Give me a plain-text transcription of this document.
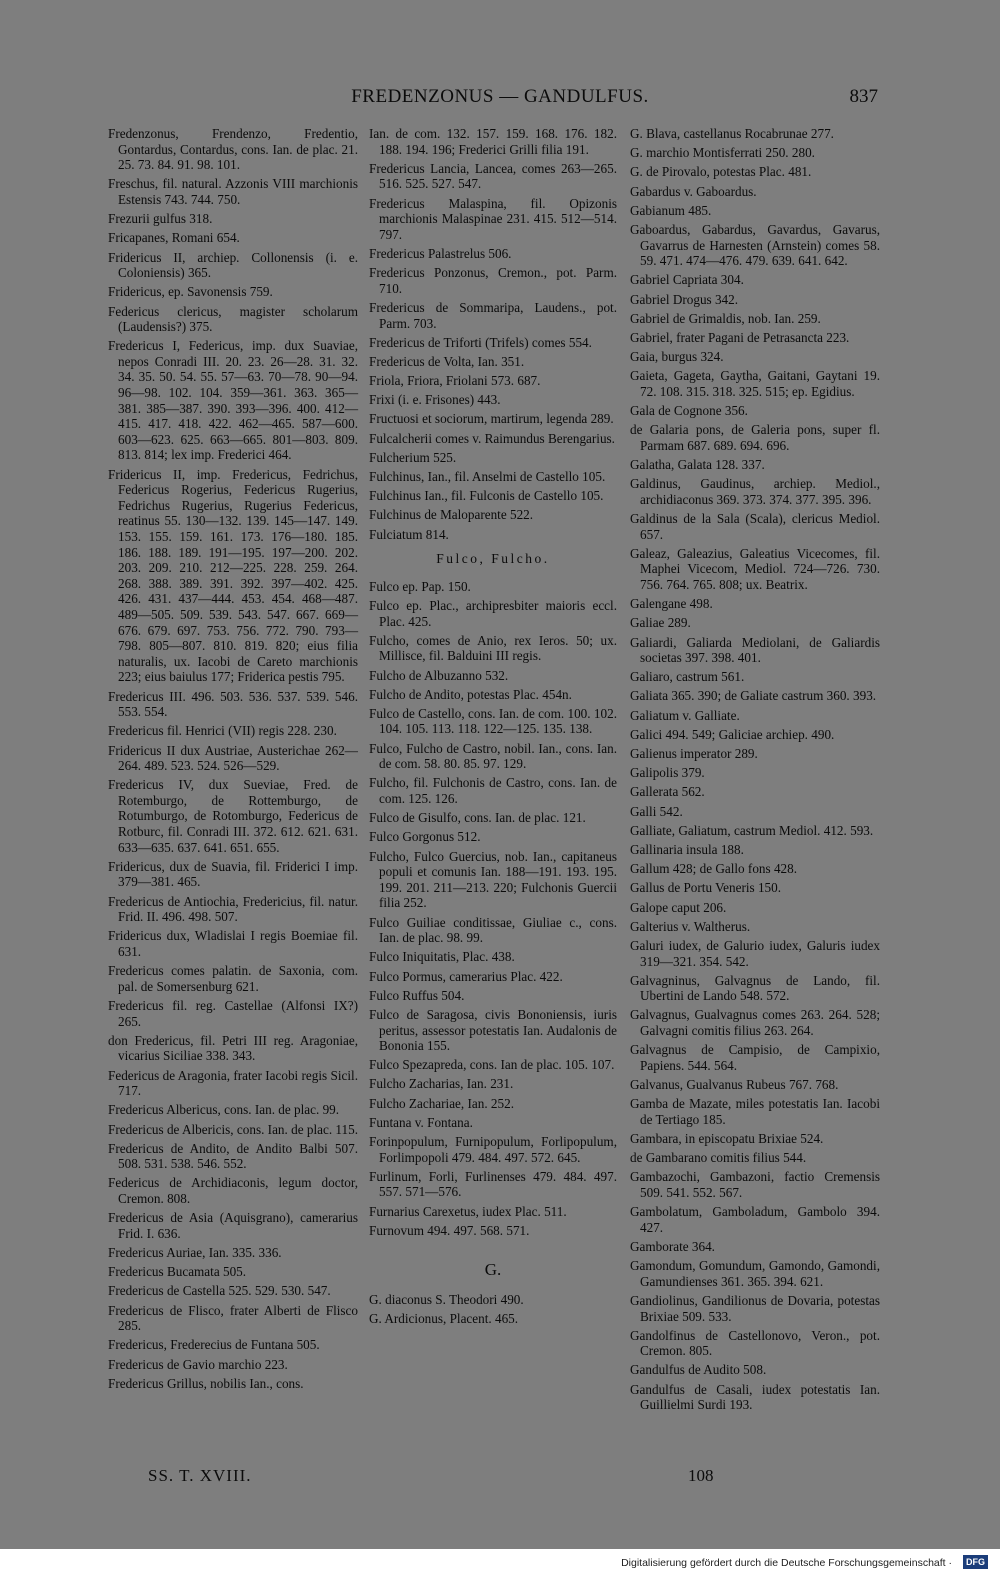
FREDENZONUS — GANDULFUS.	837

Fredenzonus, Frendenzo, Fredentio, Gontardus, Contardus, cons. Ian. de plac. 21. 25. 73. 84. 91. 98. 101.

Freschus, fil. natural. Azzonis VIII marchionis Estensis 743. 744. 750.

Frezurii gulfus 318.

Fricapanes, Romani 654.

Fridericus II, archiep. Collonensis (i. e. Coloniensis) 365.

Fridericus, ep. Savonensis 759.

Federicus clericus, magister scholarum (Laudensis?) 375.

Fredericus I, Federicus, imp. dux Suaviae, nepos Conradi III. 20. 23. 26—28. 31. 32. 34. 35. 50. 54. 55. 57—63. 70—78. 90—94. 96—98. 102. 104. 359—361. 363. 365—381. 385—387. 390. 393—396. 400. 412—415. 417. 418. 422. 462—465. 587—600. 603—623. 625. 663—665. 801—803. 809. 813. 814; lex imp. Frederici 464.

Fridericus II, imp. Fredericus, Fedrichus, Federicus Rogerius, Federicus Rugerius, Fedrichus Rugerius, Rugerius Federicus, reatinus 55. 130—132. 139. 145—147. 149. 153. 155. 159. 161. 173. 176—180. 185. 186. 188. 189. 191—195. 197—200. 202. 203. 209. 210. 212—225. 228. 259. 264. 268. 388. 389. 391. 392. 397—402. 425. 426. 431. 437—444. 453. 454. 468—487. 489—505. 509. 539. 543. 547. 667. 669—676. 679. 697. 753. 756. 772. 790. 793—798. 805—807. 810. 819. 820; eius filia naturalis, ux. Iacobi de Careto marchionis 223; eius baiulus 177; Friderica pestis 795.

Fredericus III. 496. 503. 536. 537. 539. 546. 553. 554.

Fredericus fil. Henrici (VII) regis 228. 230.

Fridericus II dux Austriae, Austerichae 262—264. 489. 523. 524. 526—529.

Fredericus IV, dux Sueviae, Fred. de Rotemburgo, de Rottemburgo, de Rotumburgo, de Rotomburgo, Federicus de Rotburc, fil. Conradi III. 372. 612. 621. 631. 633—635. 637. 641. 651. 655.

Fridericus, dux de Suavia, fil. Friderici I imp. 379—381. 465.

Fredericus de Antiochia, Fredericius, fil. natur. Frid. II. 496. 498. 507.

Fridericus dux, Wladislai I regis Boemiae fil. 631.

Fredericus comes palatin. de Saxonia, com. pal. de Somersenburg 621.

Fredericus fil. reg. Castellae (Alfonsi IX?) 265.

don Fredericus, fil. Petri III reg. Aragoniae, vicarius Siciliae 338. 343.

Federicus de Aragonia, frater Iacobi regis Sicil. 717.

Fredericus Albericus, cons. Ian. de plac. 99.

Fredericus de Albericis, cons. Ian. de plac. 115.

Fredericus de Andito, de Andito Balbi 507. 508. 531. 538. 546. 552.

Federicus de Archidiaconis, legum doctor, Cremon. 808.

Fredericus de Asia (Aquisgrano), camerarius Frid. I. 636.

Fredericus Auriae, Ian. 335. 336.

Fredericus Bucamata 505.

Fredericus de Castella 525. 529. 530. 547.

Fredericus de Flisco, frater Alberti de Flisco 285.

Fredericus, Frederecius de Funtana 505.

Fredericus de Gavio marchio 223.

Fredericus Grillus, nobilis Ian., cons.

Ian. de com. 132. 157. 159. 168. 176. 182. 188. 194. 196; Frederici Grilli filia 191.

Fredericus Lancia, Lancea, comes 263—265. 516. 525. 527. 547.

Fredericus Malaspina, fil. Opizonis marchionis Malaspinae 231. 415. 512—514. 797.

Fredericus Palastrelus 506.

Fredericus Ponzonus, Cremon., pot. Parm. 710.

Fredericus de Sommaripa, Laudens., pot. Parm. 703.

Fredericus de Triforti (Trifels) comes 554.

Fredericus de Volta, Ian. 351.

Friola, Friora, Friolani 573. 687.

Frixi (i. e. Frisones) 443.

Fructuosi et sociorum, martirum, legenda 289.

Fulcalcherii comes v. Raimundus Berengarius.

Fulcherium 525.

Fulchinus, Ian., fil. Anselmi de Castello 105.

Fulchinus Ian., fil. Fulconis de Castello 105.

Fulchinus de Maloparente 522.

Fulciatum 814.

Fulco, Fulcho.

Fulco ep. Pap. 150.

Fulco ep. Plac., archipresbiter maioris eccl. Plac. 425.

Fulcho, comes de Anio, rex Ieros. 50; ux. Millisce, fil. Balduini III regis.

Fulcho de Albuzanno 532.

Fulcho de Andito, potestas Plac. 454n.

Fulco de Castello, cons. Ian. de com. 100. 102. 104. 105. 113. 118. 122—125. 135. 138.

Fulco, Fulcho de Castro, nobil. Ian., cons. Ian. de com. 58. 80. 85. 97. 129.

Fulcho, fil. Fulchonis de Castro, cons. Ian. de com. 125. 126.

Fulco de Gisulfo, cons. Ian. de plac. 121.

Fulco Gorgonus 512.

Fulcho, Fulco Guercius, nob. Ian., capitaneus populi et comunis Ian. 188—191. 193. 195. 199. 201. 211—213. 220; Fulchonis Guercii filia 252.

Fulco Guiliae conditissae, Giuliae c., cons. Ian. de plac. 98. 99.

Fulco Iniquitatis, Plac. 438.

Fulco Pormus, camerarius Plac. 422.

Fulco Ruffus 504.

Fulco de Saragosa, civis Bononiensis, iuris peritus, assessor potestatis Ian. Audalonis de Bononia 155.

Fulco Spezapreda, cons. Ian de plac. 105. 107.

Fulcho Zacharias, Ian. 231.

Fulcho Zachariae, Ian. 252.

Funtana v. Fontana.

Forinpopulum, Furnipopulum, Forlipopulum, Forlimpopoli 479. 484. 497. 572. 645.

Furlinum, Forli, Furlinenses 479. 484. 497. 557. 571—576.

Furnarius Carexetus, iudex Plac. 511.

Furnovum 494. 497. 568. 571.

G.

G. diaconus S. Theodori 490.

G. Ardicionus, Placent. 465.

G. Blava, castellanus Rocabrunae 277.

G. marchio Montisferrati 250. 280.

G. de Pirovalo, potestas Plac. 481.

Gabardus v. Gaboardus.

Gabianum 485.

Gaboardus, Gabardus, Gavardus, Gavarus, Gavarrus de Harnesten (Arnstein) comes 58. 59. 471. 474—476. 479. 639. 641. 642.

Gabriel Capriata 304.

Gabriel Drogus 342.

Gabriel de Grimaldis, nob. Ian. 259.

Gabriel, frater Pagani de Petrasancta 223.

Gaia, burgus 324.

Gaieta, Gageta, Gaytha, Gaitani, Gaytani 19. 72. 108. 315. 318. 325. 515; ep. Egidius.

Gala de Cognone 356.

de Galaria pons, de Galeria pons, super fl. Parmam 687. 689. 694. 696.

Galatha, Galata 128. 337.

Galdinus, Gaudinus, archiep. Mediol., archidiaconus 369. 373. 374. 377. 395. 396.

Galdinus de la Sala (Scala), clericus Mediol. 657.

Galeaz, Galeazius, Galeatius Vicecomes, fil. Maphei Vicecom, Mediol. 724—726. 730. 756. 764. 765. 808; ux. Beatrix.

Galengane 498.

Galiae 289.

Galiardi, Galiarda Mediolani, de Galiardis societas 397. 398. 401.

Galiaro, castrum 561.

Galiata 365. 390; de Galiate castrum 360. 393.

Galiatum v. Galliate.

Galici 494. 549; Galiciae archiep. 490.

Galienus imperator 289.

Galipolis 379.

Gallerata 562.

Galli 542.

Galliate, Galiatum, castrum Mediol. 412. 593.

Gallinaria insula 188.

Gallum 428; de Gallo fons 428.

Gallus de Portu Veneris 150.

Galope caput 206.

Galterius v. Waltherus.

Galuri iudex, de Galurio iudex, Galuris iudex 319—321. 354. 542.

Galvagninus, Galvagnus de Lando, fil. Ubertini de Lando 548. 572.

Galvagnus, Gualvagnus comes 263. 264. 528; Galvagni comitis filius 263. 264.

Galvagnus de Campisio, de Campixio, Papiens. 544. 564.

Galvanus, Gualvanus Rubeus 767. 768.

Gamba de Mazate, miles potestatis Ian. Iacobi de Tertiago 185.

Gambara, in episcopatu Brixiae 524.

de Gambarano comitis filius 544.

Gambazochi, Gambazoni, factio Cremensis 509. 541. 552. 567.

Gambolatum, Gamboladum, Gambolo 394. 427.

Gamborate 364.

Gamondum, Gomundum, Gamondo, Gamondi, Gamundienses 361. 365. 394. 621.

Gandiolinus, Gandilionus de Dovaria, potestas Brixiae 509. 533.

Gandolfinus de Castellonovo, Veron., pot. Cremon. 805.

Gandulfus de Audito 508.

Gandulfus de Casali, iudex potestatis Ian. Guillielmi Surdi 193.

SS. T. XVIII.	108
Digitalisierung gefördert durch die Deutsche Forschungsgemeinschaft ·	DFG
